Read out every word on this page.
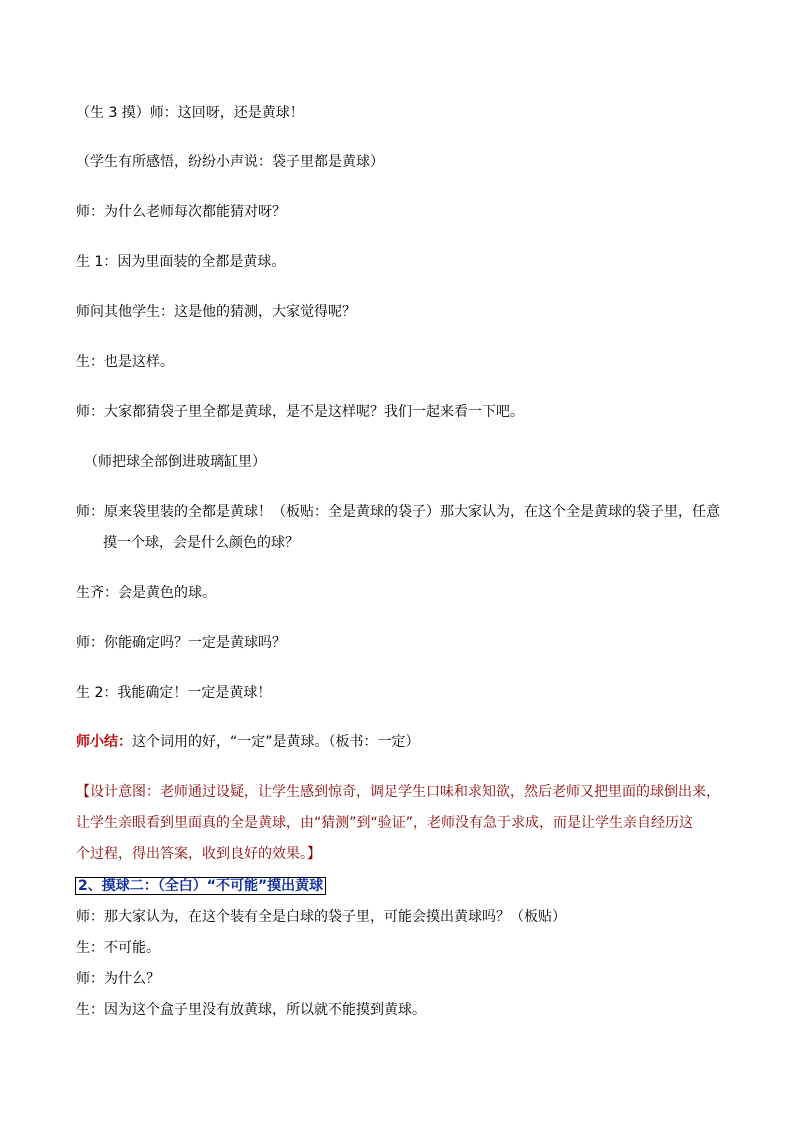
（生 3 摸）师：这回呀，还是黄球！
（学生有所感悟，纷纷小声说：袋子里都是黄球）
师：为什么老师每次都能猜对呀？
生 1：因为里面装的全都是黄球。
师问其他学生：这是他的猜测，大家觉得呢？
生：也是这样。
师：大家都猜袋子里全都是黄球，是不是这样呢？我们一起来看一下吧。
（师把球全部倒进玻璃缸里）
师：原来袋里装的全都是黄球！（板贴：全是黄球的袋子）那大家认为，在这个全是黄球的袋子里，任意
摸一个球，会是什么颜色的球？
生齐：会是黄色的球。
师：你能确定吗？一定是黄球吗？
生 2：我能确定！一定是黄球！
师小结：这个词用的好，“一定”是黄球。（板书：一定）
【设计意图：老师通过设疑，让学生感到惊奇，调足学生口味和求知欲，然后老师又把里面的球倒出来，
让学生亲眼看到里面真的全是黄球，由“猜测”到“验证”，老师没有急于求成，而是让学生亲自经历这
个过程，得出答案，收到良好的效果。】
2、摸球二：（全白）“不可能”摸出黄球
师：那大家认为，在这个装有全是白球的袋子里，可能会摸出黄球吗？（板贴）
生：不可能。
师：为什么？
生：因为这个盒子里没有放黄球，所以就不能摸到黄球。
